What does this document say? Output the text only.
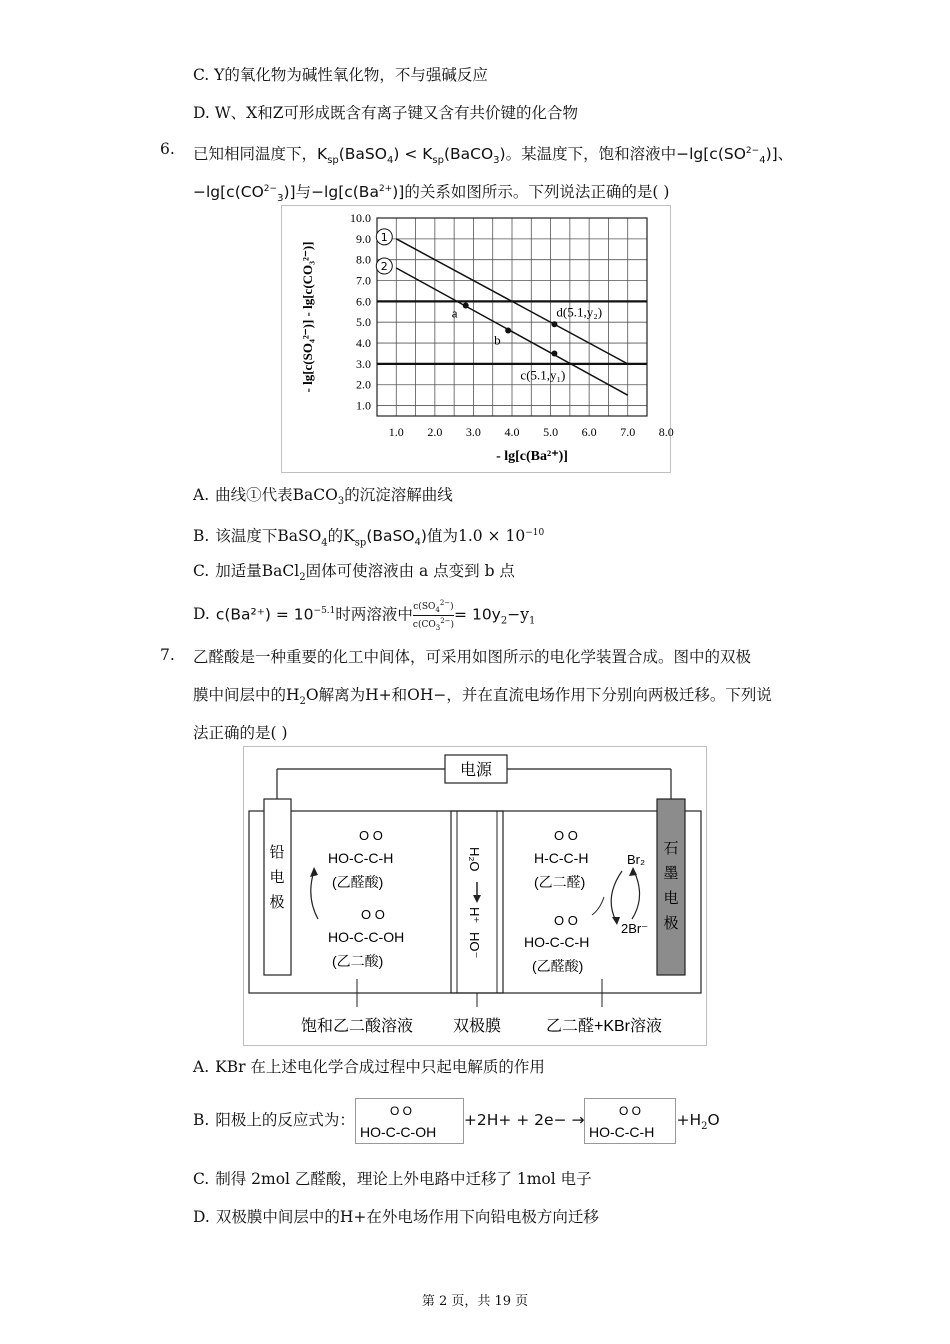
C. Y的氧化物为碱性氧化物，不与强碱反应
D. W、X和Z可形成既含有离子键又含有共价键的化合物
6. 已知相同温度下，$K_{sp}(BaSO_4)$ < $K_{sp}(BaCO_3)$。某温度下，饱和溶液中$-\lg[c(SO^{2-}_4)]$、
$-\lg[c(CO^{2-}_3)]$与$-\lg[c(Ba^{2+})]$的关系如图所示。下列说法正确的是( )
1.0 2.0 3.0 4.0 5.0 6.0 7.0 8.0
1.0
2.0
3.0
4.0
5.0
6.0
7.0
8.0
9.0
10.0
- lg[c(Ba²⁺)]
- lg[c(SO₄²⁻)] - lg[c(CO₃²⁻)]
1
2
a
b
c(5.1,y₁)
d(5.1,y₂)
A. 曲线①代表BaCO$_3$的沉淀溶解曲线
B. 该温度下BaSO$_4$的$K_{sp}(BaSO_4)$值为$1.0 \times 10^{-10}$
C. 加适量BaCl$_2$固体可使溶液由 a 点变到 b 点
D. $c(Ba^{2+}) = 10^{-5.1}$时两溶液中 $\frac{c(SO_4^{2-})}{c(CO_3^{2-})} = 10y_2-y_1$
7. 乙醛酸是一种重要的化工中间体，可采用如图所示的电化学装置合成。图中的双极
膜中间层中的$H_2O$解离为H+和OH−，并在直流电场作用下分别向两极迁移。下列说
法正确的是( )
电源
铅
电
极
石
墨
电
极
O O
HO-C-C-H
(乙醛酸)
O O
HO-C-C-OH
(乙二酸)
H₂O
H⁺
HO⁻
O O
H-C-C-H
(乙二醛)
Br₂
2Br⁻
O O
HO-C-C-H
(乙醛酸)
饱和乙二酸溶液 双极膜	乙二醛+KBr溶液
A. KBr 在上述电化学合成过程中只起电解质的作用
B. 阳极上的反应式为：	O O
HO-C-C-OH
+2H+ + 2e− →	O O
HO-C-C-H
$+H_2O$
C. 制得 2mol 乙醛酸，理论上外电路中迁移了 1mol 电子
D. 双极膜中间层中的H+在外电场作用下向铅电极方向迁移
第 2 页，共 19 页
